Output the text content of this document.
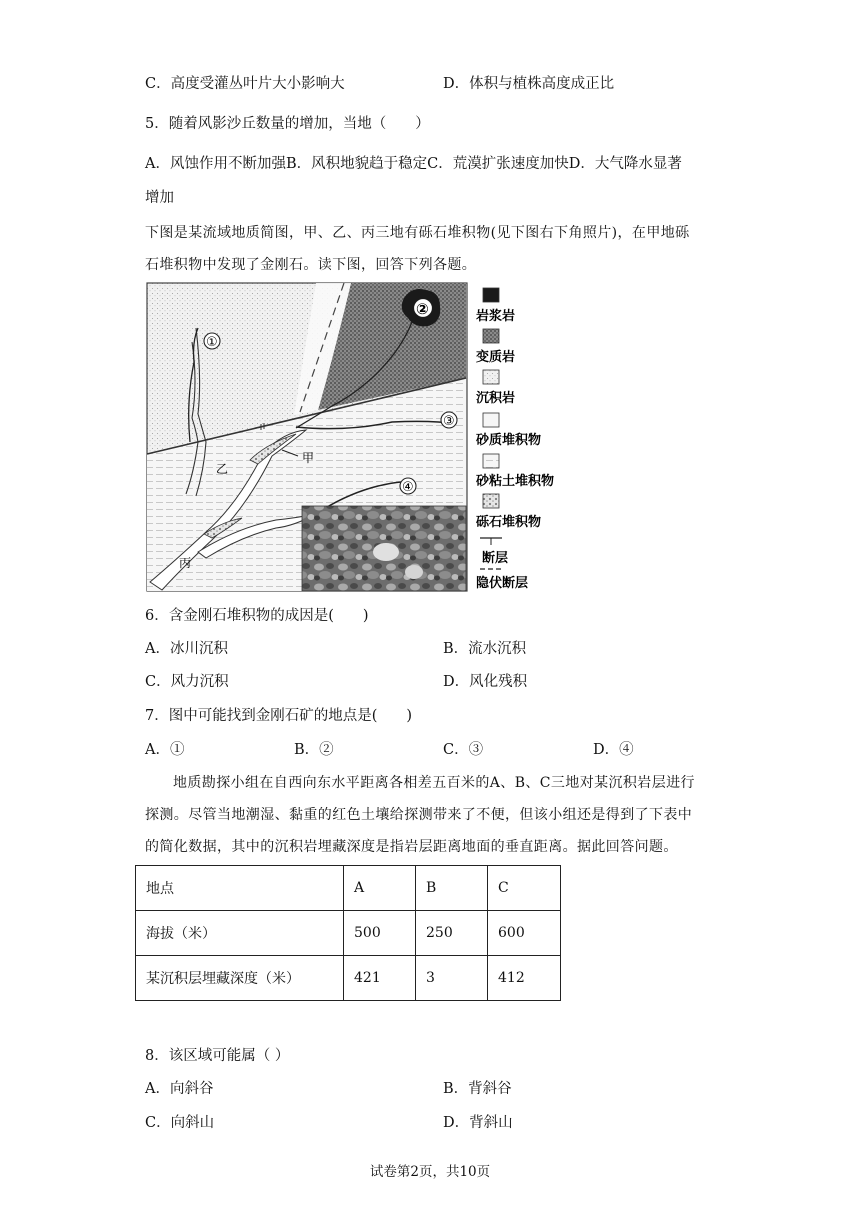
C．高度受灌丛叶片大小影响大	D．体积与植株高度成正比
5．随着风影沙丘数量的增加，当地（　　）
A．风蚀作用不断加强B．风积地貌趋于稳定C．荒漠扩张速度加快D．大气降水显著
增加
下图是某流域地质简图，甲、乙、丙三地有砾石堆积物(见下图右下角照片)，在甲地砾
石堆积物中发现了金刚石。读下图，回答下列各题。
①
②
③
④
甲
乙
丙
岩浆岩
变质岩
沉积岩
砂质堆积物
砂粘土堆积物
砾石堆积物
断层
隐伏断层
6．含金刚石堆积物的成因是(　　)
A．冰川沉积	B．流水沉积
C．风力沉积	D．风化残积
7．图中可能找到金刚石矿的地点是(　　)
A．①	B．②	C．③	D．④
地质勘探小组在自西向东水平距离各相差五百米的A、B、C三地对某沉积岩层进行
探测。尽管当地潮湿、黏重的红色土壤给探测带来了不便，但该小组还是得到了下表中
的简化数据，其中的沉积岩埋藏深度是指岩层距离地面的垂直距离。据此回答问题。
地点	A	B	C
海拔（米）	500	250	600
某沉积层埋藏深度（米）	421	3	412
8．该区域可能属（ ）
A．向斜谷	B．背斜谷
C．向斜山	D．背斜山
试卷第2页，共10页
